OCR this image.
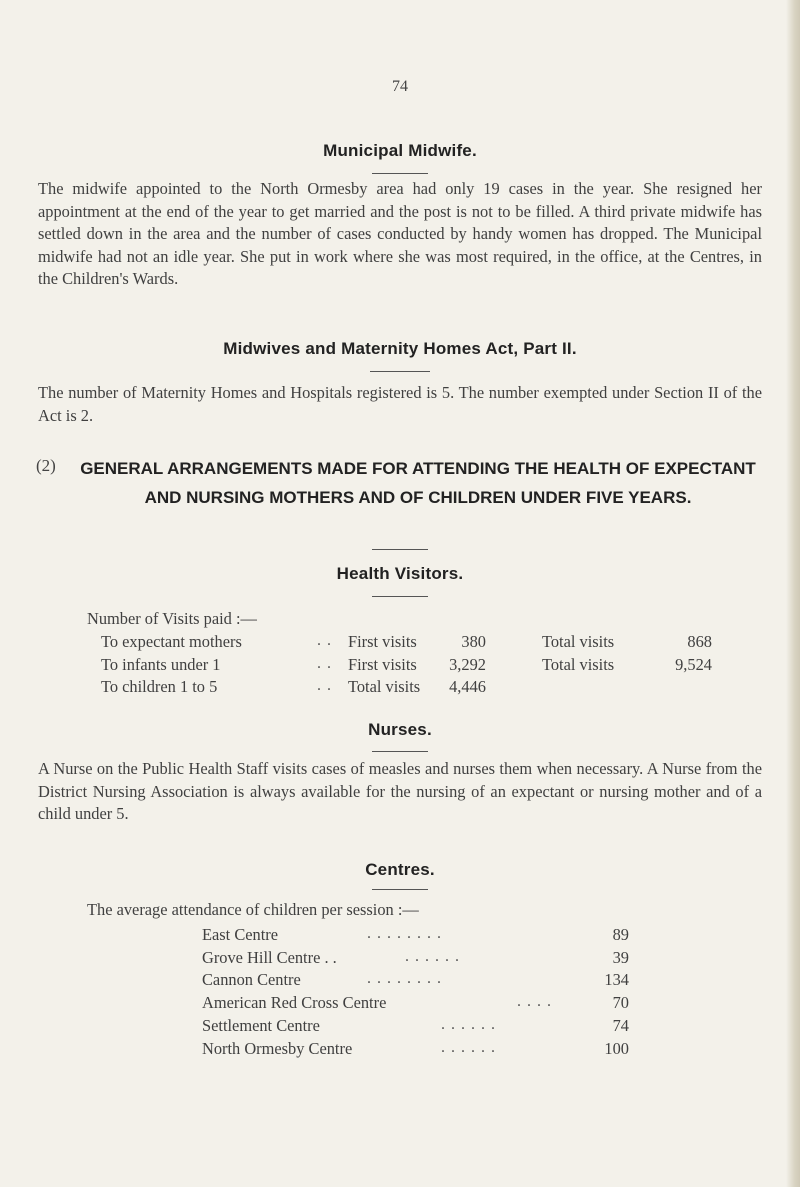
74
Municipal Midwife.

The midwife appointed to the North Ormesby area had only 19 cases in the year. She resigned her appointment at the end of the year to get married and the post is not to be filled. A third private midwife has settled down in the area and the number of cases conducted by handy women has dropped. The Municipal midwife had not an idle year. She put in work where she was most required, in the office, at the Centres, in the Children's Wards.

Midwives and Maternity Homes Act, Part II.

The number of Maternity Homes and Hospitals registered is 5. The number exempted under Section II of the Act is 2.

(2) GENERAL ARRANGEMENTS MADE FOR ATTENDING THE HEALTH OF EXPECTANT AND NURSING MOTHERS AND OF CHILDREN UNDER FIVE YEARS.

Health Visitors.
Number of Visits paid :—
To expectant mothers	. . First visits	380	Total visits	868
To infants under 1	. . First visits 3,292	Total visits	9,524
To children 1 to 5	. . Total visits 4,446
Nurses.

A Nurse on the Public Health Staff visits cases of measles and nurses them when necessary. A Nurse from the District Nursing Association is always available for the nursing of an expectant or nursing mother and of a child under 5.

Centres.
The average attendance of children per session :—
East Centre	. . . . . . . .	89
Grove Hill Centre . .	. . . . . .	39
Cannon Centre	. . . . . . . .	134
American Red Cross Centre	. . . .	70
Settlement Centre	. . . . . .	74
North Ormesby Centre	. . . . . .	100
